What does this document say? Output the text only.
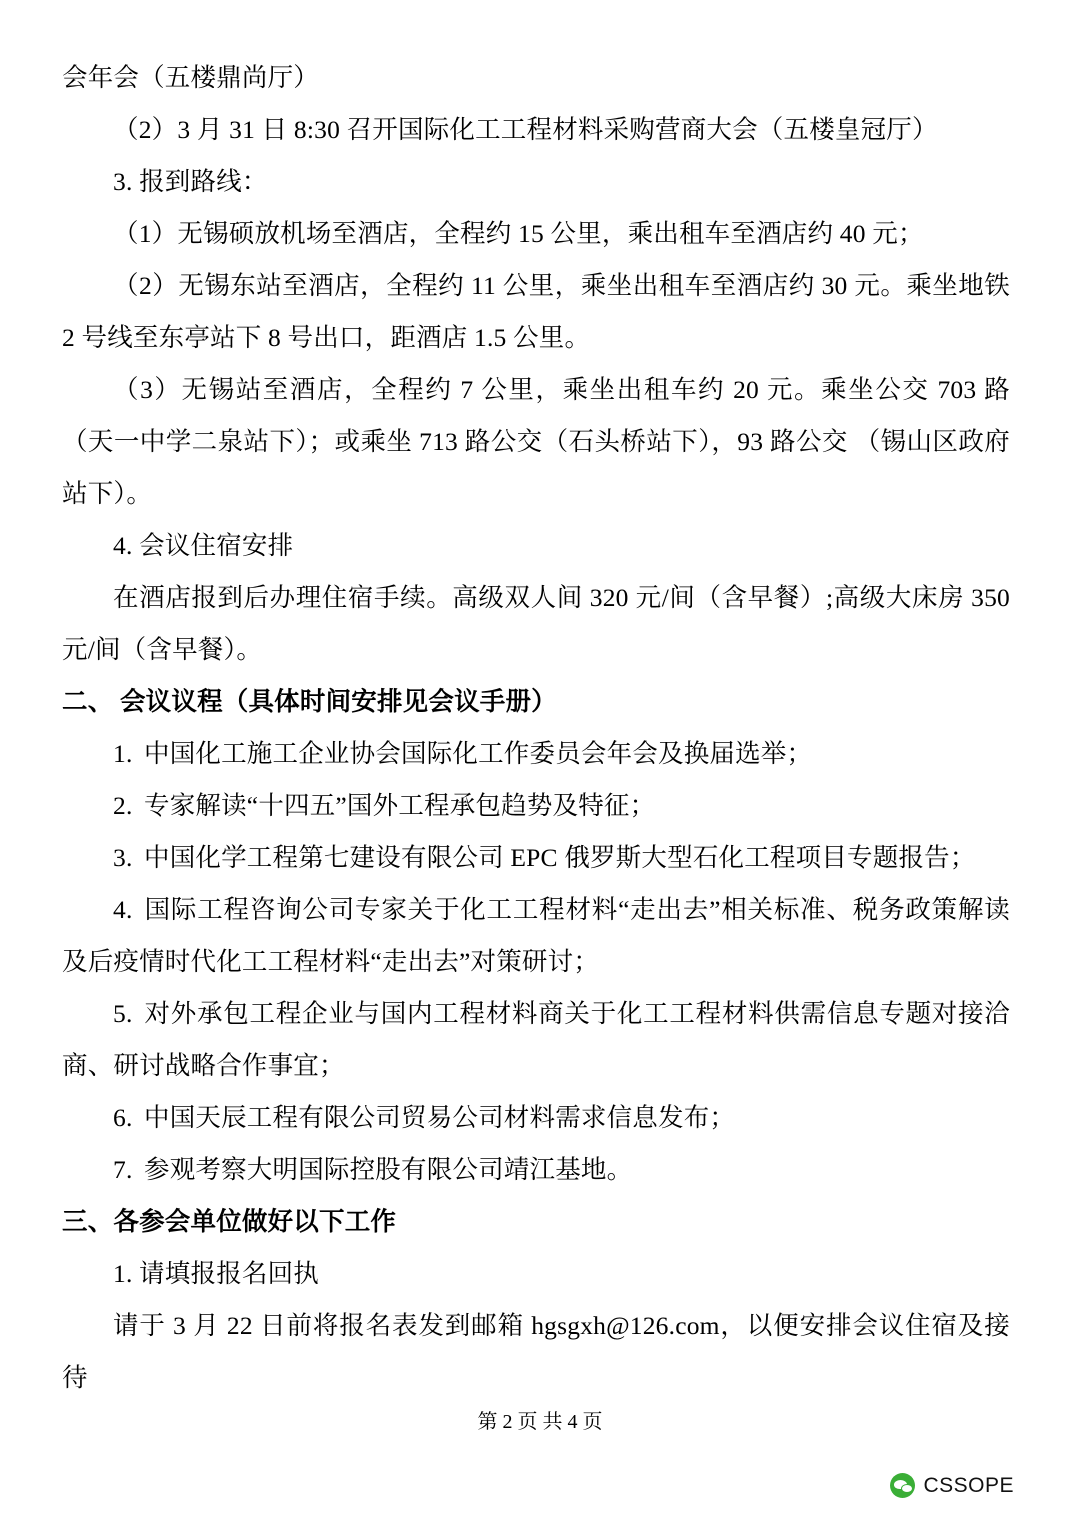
会年会（五楼鼎尚厅）

（2）3 月 31 日 8:30 召开国际化工工程材料采购营商大会（五楼皇冠厅）

3. 报到路线：

（1）无锡硕放机场至酒店，全程约 15 公里，乘出租车至酒店约 40 元；

（2）无锡东站至酒店，全程约 11 公里，乘坐出租车至酒店约 30 元。乘坐地铁 2 号线至东亭站下 8 号出口，距酒店 1.5 公里。

（3）无锡站至酒店，全程约 7 公里，乘坐出租车约 20 元。乘坐公交 703 路（天一中学二泉站下）；或乘坐 713 路公交（石头桥站下），93 路公交 （锡山区政府站下）。

4. 会议住宿安排

在酒店报到后办理住宿手续。高级双人间 320 元/间（含早餐）;高级大床房 350 元/间（含早餐）。

二、 会议议程（具体时间安排见会议手册）

1. 中国化工施工企业协会国际化工作委员会年会及换届选举；

2. 专家解读“十四五”国外工程承包趋势及特征；

3. 中国化学工程第七建设有限公司 EPC 俄罗斯大型石化工程项目专题报告；

4. 国际工程咨询公司专家关于化工工程材料“走出去”相关标准、税务政策解读及后疫情时代化工工程材料“走出去”对策研讨；

5. 对外承包工程企业与国内工程材料商关于化工工程材料供需信息专题对接洽商、研讨战略合作事宜；

6. 中国天辰工程有限公司贸易公司材料需求信息发布；

7. 参观考察大明国际控股有限公司靖江基地。

三、各参会单位做好以下工作

1. 请填报报名回执

请于 3 月 22 日前将报名表发到邮箱 hgsgxh@126.com，以便安排会议住宿及接待

第 2 页 共 4 页
CSSOPE
